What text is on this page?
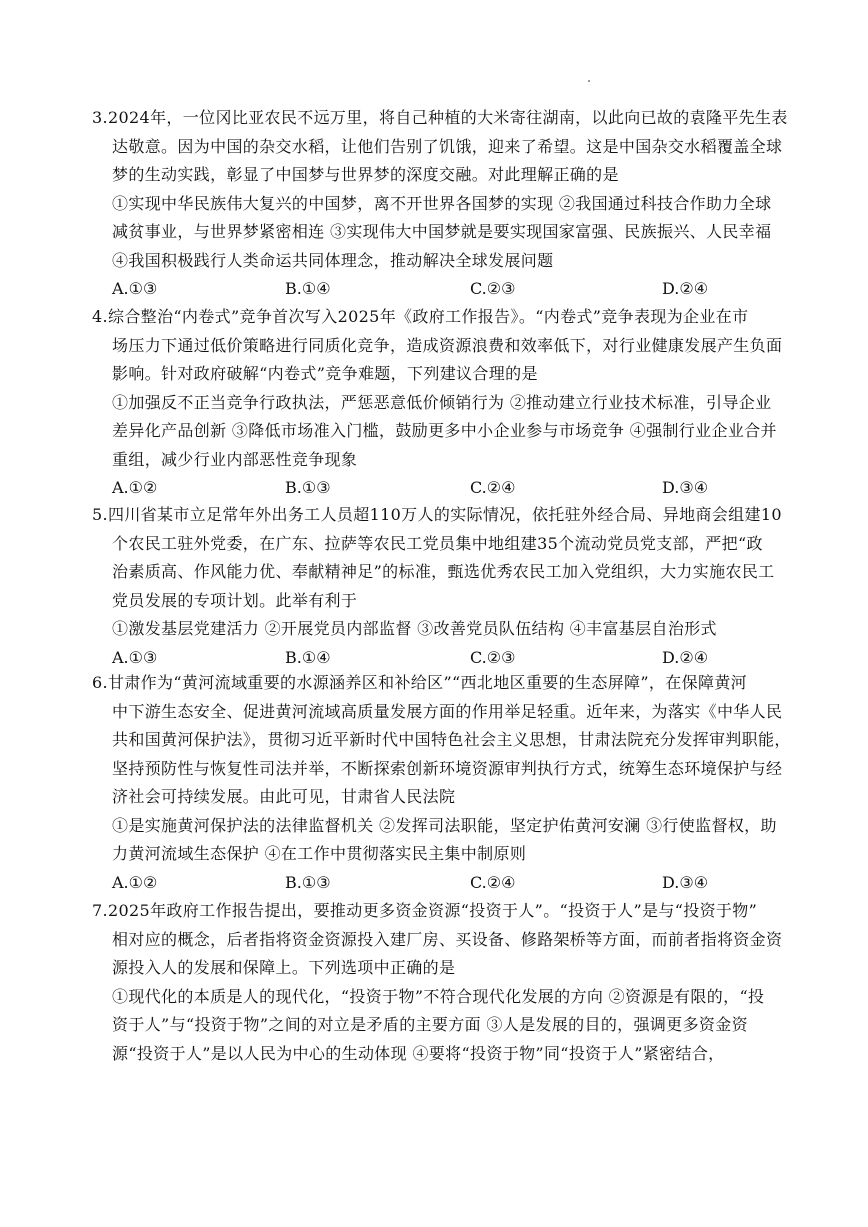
3.2024年，一位冈比亚农民不远万里，将自己种植的大米寄往湖南，以此向已故的袁隆平先生表
达敬意。因为中国的杂交水稻，让他们告别了饥饿，迎来了希望。这是中国杂交水稻覆盖全球
梦的生动实践，彰显了中国梦与世界梦的深度交融。对此理解正确的是
①实现中华民族伟大复兴的中国梦，离不开世界各国梦的实现 ②我国通过科技合作助力全球
减贫事业，与世界梦紧密相连 ③实现伟大中国梦就是要实现国家富强、民族振兴、人民幸福
④我国积极践行人类命运共同体理念，推动解决全球发展问题
A.①③	B.①④	C.②③	D.②④
4.综合整治“内卷式”竞争首次写入2025年《政府工作报告》。“内卷式”竞争表现为企业在市
场压力下通过低价策略进行同质化竞争，造成资源浪费和效率低下，对行业健康发展产生负面
影响。针对政府破解“内卷式”竞争难题，下列建议合理的是
①加强反不正当竞争行政执法，严惩恶意低价倾销行为 ②推动建立行业技术标准，引导企业
差异化产品创新 ③降低市场准入门槛，鼓励更多中小企业参与市场竞争 ④强制行业企业合并
重组，减少行业内部恶性竞争现象
A.①②	B.①③	C.②④	D.③④
5.四川省某市立足常年外出务工人员超110万人的实际情况，依托驻外经合局、异地商会组建10
个农民工驻外党委，在广东、拉萨等农民工党员集中地组建35个流动党员党支部，严把“政
治素质高、作风能力优、奉献精神足”的标准，甄选优秀农民工加入党组织，大力实施农民工
党员发展的专项计划。此举有利于
①激发基层党建活力 ②开展党员内部监督 ③改善党员队伍结构 ④丰富基层自治形式
A.①③	B.①④	C.②③	D.②④
6.甘肃作为“黄河流域重要的水源涵养区和补给区”“西北地区重要的生态屏障”，在保障黄河
中下游生态安全、促进黄河流域高质量发展方面的作用举足轻重。近年来，为落实《中华人民
共和国黄河保护法》，贯彻习近平新时代中国特色社会主义思想，甘肃法院充分发挥审判职能，
坚持预防性与恢复性司法并举，不断探索创新环境资源审判执行方式，统筹生态环境保护与经
济社会可持续发展。由此可见，甘肃省人民法院
①是实施黄河保护法的法律监督机关 ②发挥司法职能，坚定护佑黄河安澜 ③行使监督权，助
力黄河流域生态保护 ④在工作中贯彻落实民主集中制原则
A.①②	B.①③	C.②④	D.③④
7.2025年政府工作报告提出，要推动更多资金资源“投资于人”。“投资于人”是与“投资于物”
相对应的概念，后者指将资金资源投入建厂房、买设备、修路架桥等方面，而前者指将资金资
源投入人的发展和保障上。下列选项中正确的是
①现代化的本质是人的现代化，“投资于物”不符合现代化发展的方向 ②资源是有限的，“投
资于人”与“投资于物”之间的对立是矛盾的主要方面 ③人是发展的目的，强调更多资金资
源“投资于人”是以人民为中心的生动体现 ④要将“投资于物”同“投资于人”紧密结合，
